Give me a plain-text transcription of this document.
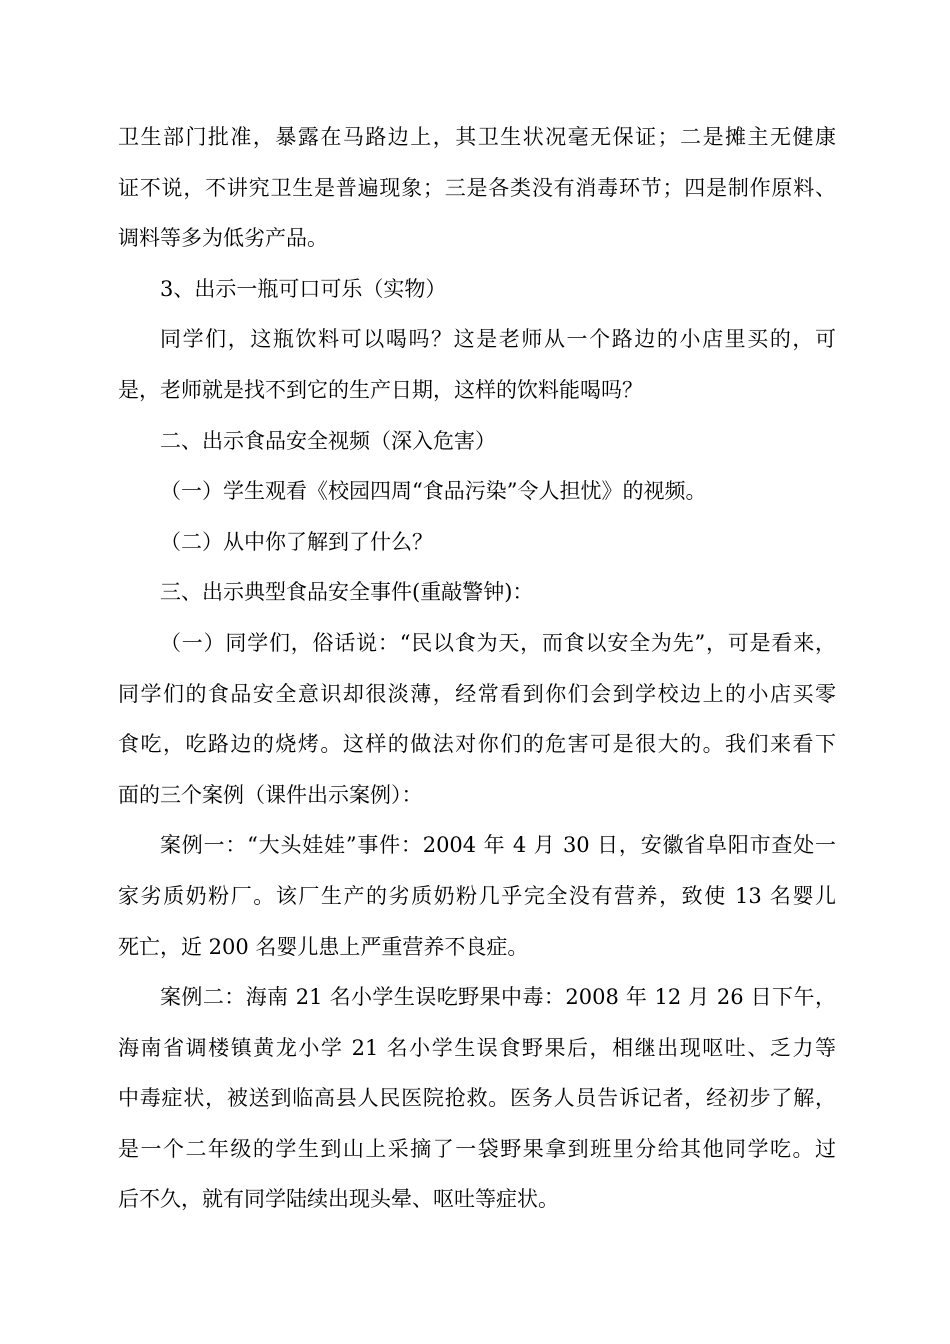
卫生部门批准，暴露在马路边上，其卫生状况毫无保证；二是摊主无健康
证不说，不讲究卫生是普遍现象；三是各类没有消毒环节；四是制作原料、
调料等多为低劣产品。
3、出示一瓶可口可乐（实物）
同学们，这瓶饮料可以喝吗？这是老师从一个路边的小店里买的，可
是，老师就是找不到它的生产日期，这样的饮料能喝吗？
二、出示食品安全视频（深入危害）
（一）学生观看《校园四周“食品污染”令人担忧》的视频。
（二）从中你了解到了什么？
三、出示典型食品安全事件(重敲警钟)：
（一）同学们，俗话说：“民以食为天，而食以安全为先”，可是看来，
同学们的食品安全意识却很淡薄，经常看到你们会到学校边上的小店买零
食吃，吃路边的烧烤。这样的做法对你们的危害可是很大的。我们来看下
面的三个案例（课件出示案例）：
案例一：“大头娃娃”事件：2004 年 4 月 30 日，安徽省阜阳市查处一
家劣质奶粉厂。该厂生产的劣质奶粉几乎完全没有营养，致使 13 名婴儿
死亡，近 200 名婴儿患上严重营养不良症。
案例二：海南 21 名小学生误吃野果中毒：2008 年 12 月 26 日下午，
海南省调楼镇黄龙小学 21 名小学生误食野果后，相继出现呕吐、乏力等
中毒症状，被送到临高县人民医院抢救。医务人员告诉记者，经初步了解，
是一个二年级的学生到山上采摘了一袋野果拿到班里分给其他同学吃。过
后不久，就有同学陆续出现头晕、呕吐等症状。
